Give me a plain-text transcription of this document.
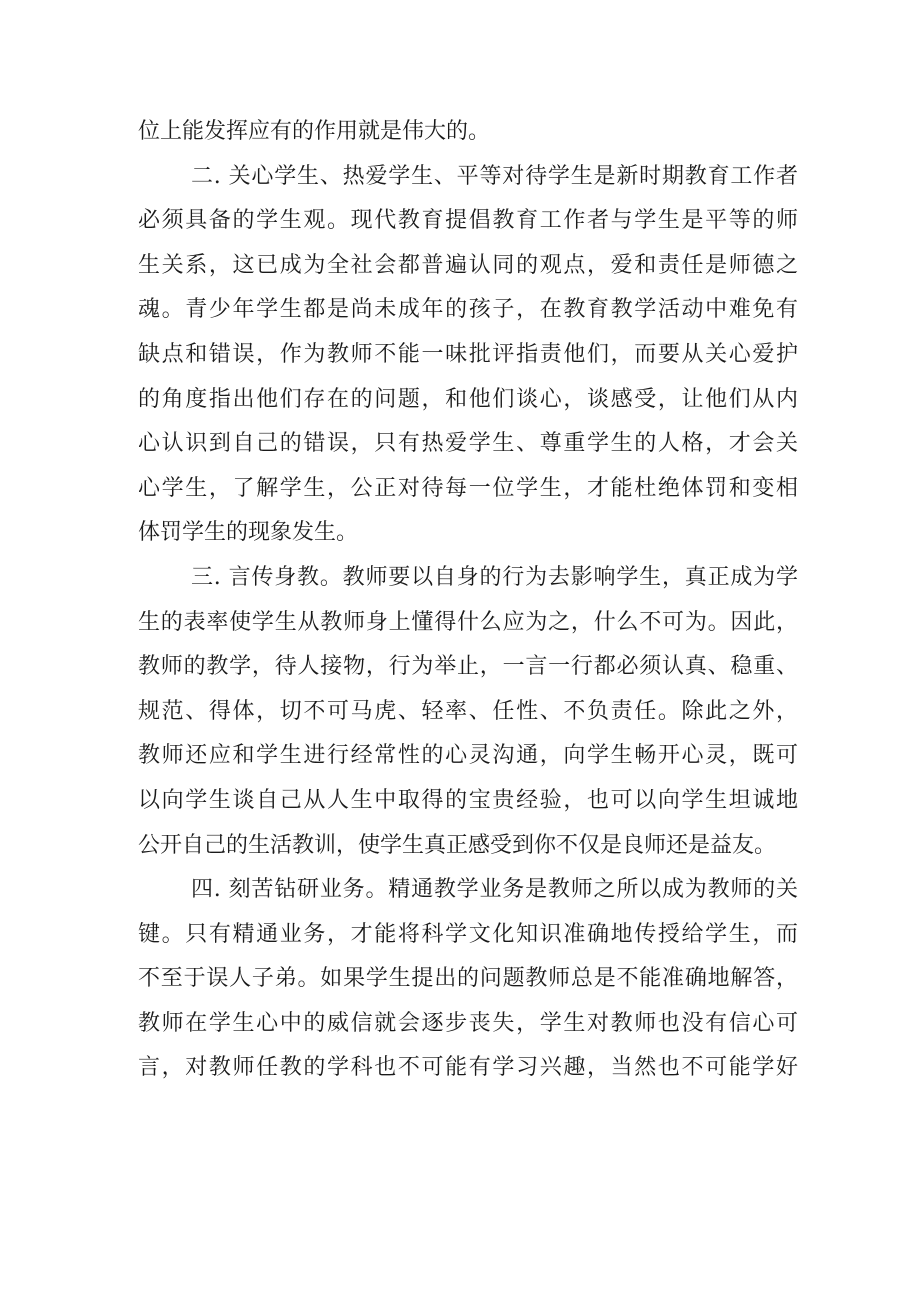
位上能发挥应有的作用就是伟大的。
二. 关心学生、热爱学生、平等对待学生是新时期教育工作者
必须具备的学生观。现代教育提倡教育工作者与学生是平等的师
生关系，这已成为全社会都普遍认同的观点，爱和责任是师德之
魂。青少年学生都是尚未成年的孩子，在教育教学活动中难免有
缺点和错误，作为教师不能一味批评指责他们，而要从关心爱护
的角度指出他们存在的问题，和他们谈心，谈感受，让他们从内
心认识到自己的错误，只有热爱学生、尊重学生的人格，才会关
心学生，了解学生，公正对待每一位学生，才能杜绝体罚和变相
体罚学生的现象发生。
三. 言传身教。教师要以自身的行为去影响学生，真正成为学
生的表率使学生从教师身上懂得什么应为之，什么不可为。因此，
教师的教学，待人接物，行为举止，一言一行都必须认真、稳重、
规范、得体，切不可马虎、轻率、任性、不负责任。除此之外，
教师还应和学生进行经常性的心灵沟通，向学生畅开心灵，既可
以向学生谈自己从人生中取得的宝贵经验，也可以向学生坦诚地
公开自己的生活教训，使学生真正感受到你不仅是良师还是益友。
四. 刻苦钻研业务。精通教学业务是教师之所以成为教师的关
键。只有精通业务，才能将科学文化知识准确地传授给学生，而
不至于误人子弟。如果学生提出的问题教师总是不能准确地解答，
教师在学生心中的威信就会逐步丧失，学生对教师也没有信心可
言，对教师任教的学科也不可能有学习兴趣，当然也不可能学好
